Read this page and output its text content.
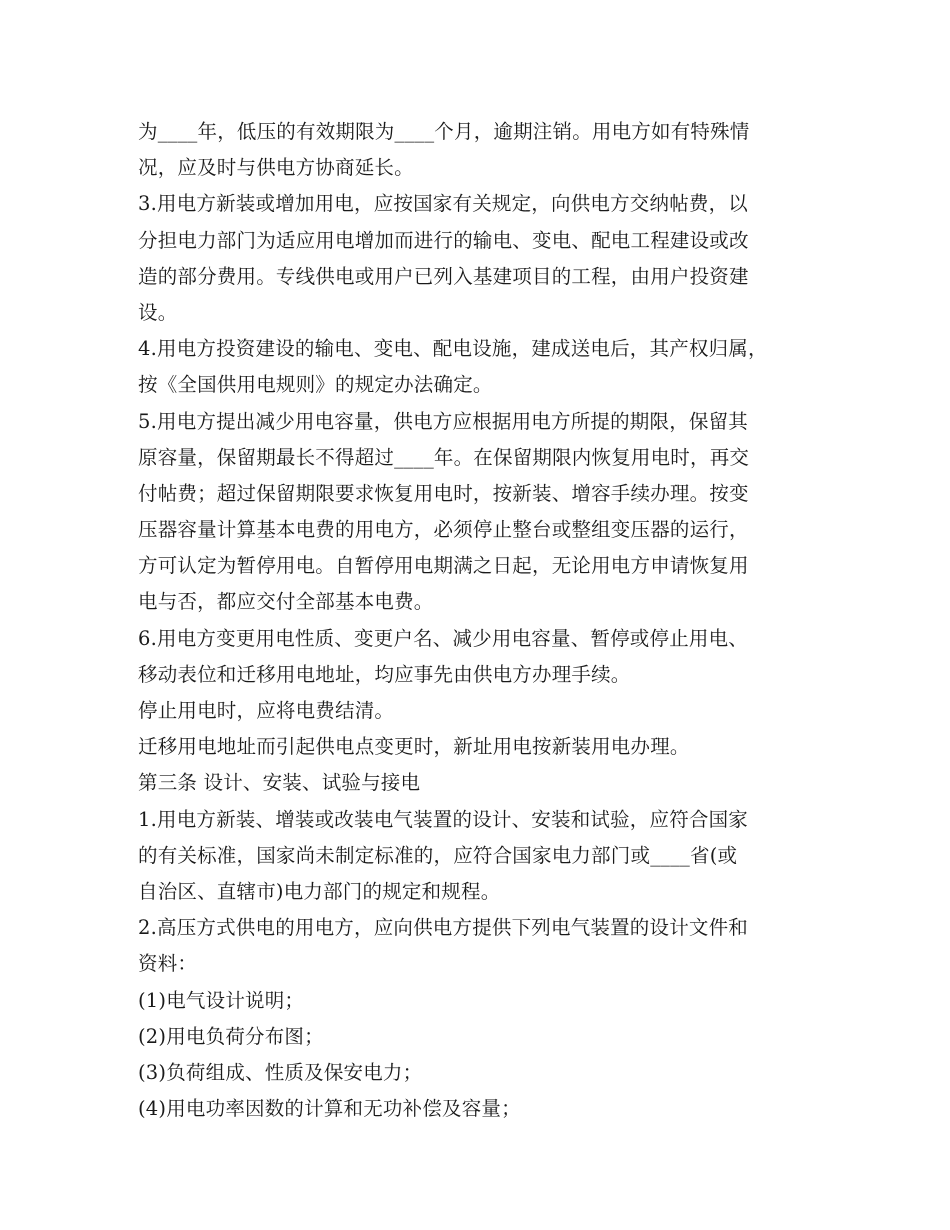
为____年，低压的有效期限为____个月，逾期注销。用电方如有特殊情
况，应及时与供电方协商延长。
3.用电方新装或增加用电，应按国家有关规定，向供电方交纳帖费，以
分担电力部门为适应用电增加而进行的输电、变电、配电工程建设或改
造的部分费用。专线供电或用户已列入基建项目的工程，由用户投资建
设。
4.用电方投资建设的输电、变电、配电设施，建成送电后，其产权归属，
按《全国供用电规则》的规定办法确定。
5.用电方提出减少用电容量，供电方应根据用电方所提的期限，保留其
原容量，保留期最长不得超过____年。在保留期限内恢复用电时，再交
付帖费；超过保留期限要求恢复用电时，按新装、增容手续办理。按变
压器容量计算基本电费的用电方，必须停止整台或整组变压器的运行，
方可认定为暂停用电。自暂停用电期满之日起，无论用电方申请恢复用
电与否，都应交付全部基本电费。
6.用电方变更用电性质、变更户名、减少用电容量、暂停或停止用电、
移动表位和迁移用电地址，均应事先由供电方办理手续。
停止用电时，应将电费结清。
迁移用电地址而引起供电点变更时，新址用电按新装用电办理。
第三条 设计、安装、试验与接电
1.用电方新装、增装或改装电气装置的设计、安装和试验，应符合国家
的有关标准，国家尚未制定标准的，应符合国家电力部门或____省(或
自治区、直辖市)电力部门的规定和规程。
2.高压方式供电的用电方，应向供电方提供下列电气装置的设计文件和
资料：
(1)电气设计说明；
(2)用电负荷分布图；
(3)负荷组成、性质及保安电力；
(4)用电功率因数的计算和无功补偿及容量；
